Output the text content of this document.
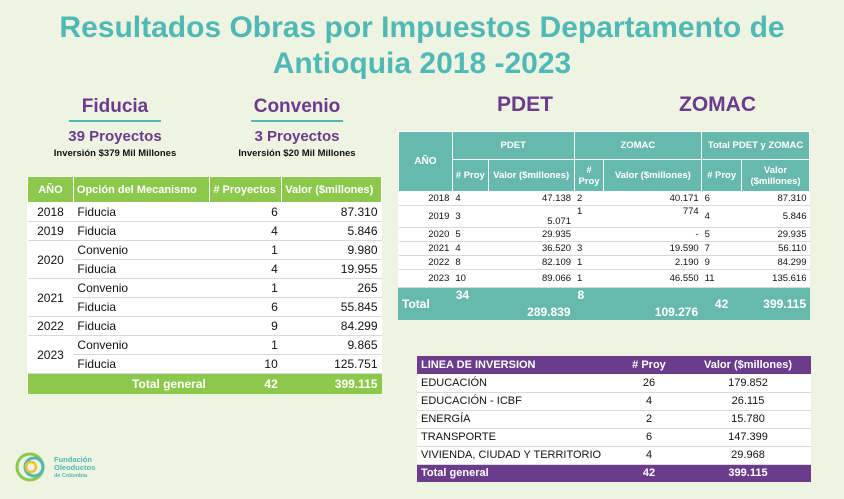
Resultados Obras por Impuestos Departamento de
Antioquia 2018 -2023
Fiducia
39 Proyectos
Inversión $379 Mil Millones
Convenio
3 Proyectos
Inversión $20 Mil Millones
PDET	ZOMAC
AÑO	Opción del Mecanismo	# Proyectos	Valor ($millones)
2018	Fiducia	6	87.310
2019	Fiducia	4	5.846
2020	Convenio	1	9.980
	Fiducia	4	19.955
2021	Convenio	1	265
	Fiducia	6	55.845
2022	Fiducia	9	84.299
2023	Convenio	1	9.865
	Fiducia	10	125.751
Total general		42	399.115
AÑO	PDET		ZOMAC		Total PDET y ZOMAC	
	# Proy	Valor ($millones)	# Proy	Valor ($millones)	# Proy	Valor ($millones)
2018	4	47.138	2	40.171	6	87.310
2019	3	5.071	1	774	4	5.846
2020	5	29.935		-	5	29.935
2021	4	36.520	3	19.590	7	56.110
2022	8	82.109	1	2.190	9	84.299
2023	10	89.066	1	46.550	11	135.616
Total	34	289.839	8	109.276	42	399.115
LINEA DE INVERSION	# Proy	Valor ($millones)
EDUCACIÓN	26	179.852
EDUCACIÓN - ICBF	4	26.115
ENERGÍA	2	15.780
TRANSPORTE	6	147.399
VIVIENDA, CIUDAD Y TERRITORIO	4	29.968
Total general	42	399.115
Fundación
Oleoductos
de Colombia
